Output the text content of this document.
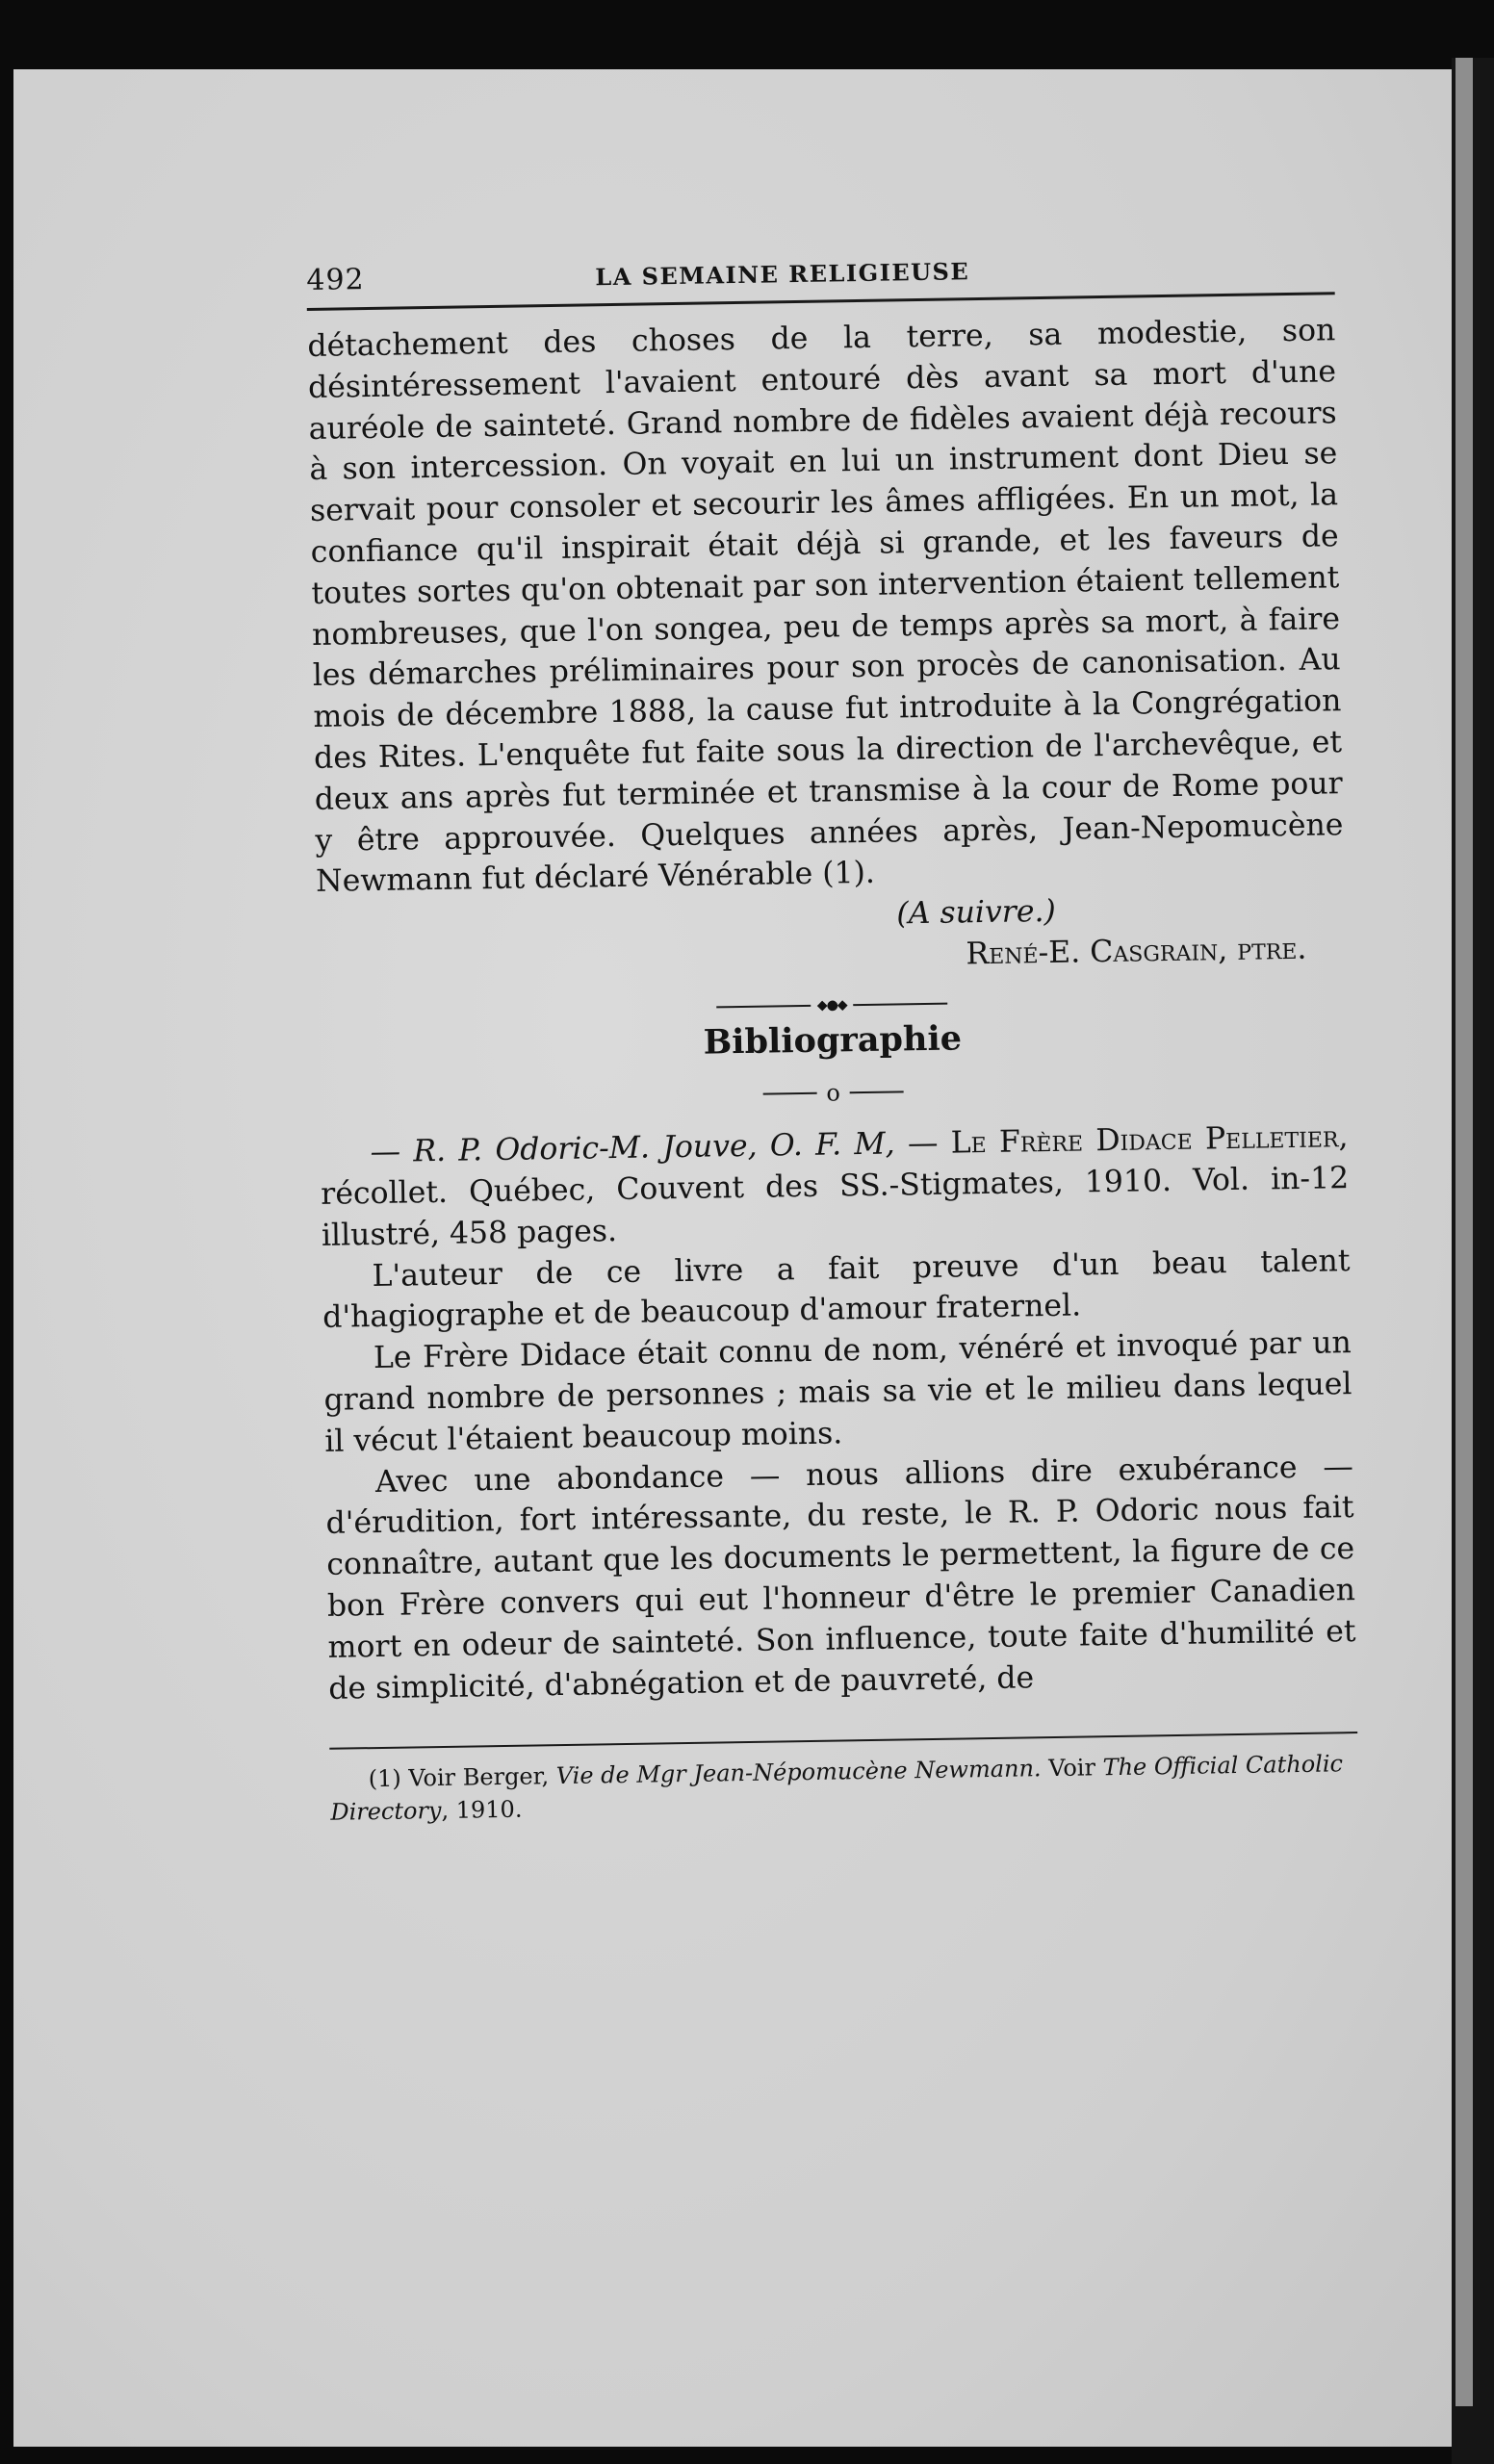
492	LA SEMAINE RELIGIEUSE

détachement des choses de la terre, sa modestie, son désintéressement l'avaient entouré dès avant sa mort d'une auréole de sainteté. Grand nombre de fidèles avaient déjà recours à son intercession. On voyait en lui un instrument dont Dieu se servait pour consoler et secourir les âmes affligées. En un mot, la confiance qu'il inspirait était déjà si grande, et les faveurs de toutes sortes qu'on obtenait par son intervention étaient tellement nombreuses, que l'on songea, peu de temps après sa mort, à faire les démarches préliminaires pour son procès de canonisation. Au mois de décembre 1888, la cause fut introduite à la Congrégation des Rites. L'enquête fut faite sous la direction de l'archevêque, et deux ans après fut terminée et transmise à la cour de Rome pour y être approuvée. Quelques années après, Jean-Nepomucène Newmann fut déclaré Vénérable (1).

(A suivre.)

René-E. Casgrain, ptre.

◆●◆
Bibliographie
o

— R. P. Odoric-M. Jouve, O. F. M, — Le Frère Didace Pelletier, récollet. Québec, Couvent des SS.-Stigmates, 1910. Vol. in-12 illustré, 458 pages.

L'auteur de ce livre a fait preuve d'un beau talent d'hagiographe et de beaucoup d'amour fraternel.

Le Frère Didace était connu de nom, vénéré et invoqué par un grand nombre de personnes ; mais sa vie et le milieu dans lequel il vécut l'étaient beaucoup moins.

Avec une abondance — nous allions dire exubérance — d'érudition, fort intéressante, du reste, le R. P. Odoric nous fait connaître, autant que les documents le permettent, la figure de ce bon Frère convers qui eut l'honneur d'être le premier Canadien mort en odeur de sainteté. Son influence, toute faite d'humilité et de simplicité, d'abnégation et de pauvreté, de

(1) Voir Berger, Vie de Mgr Jean-Népomucène Newmann. Voir The Official Catholic Directory, 1910.
